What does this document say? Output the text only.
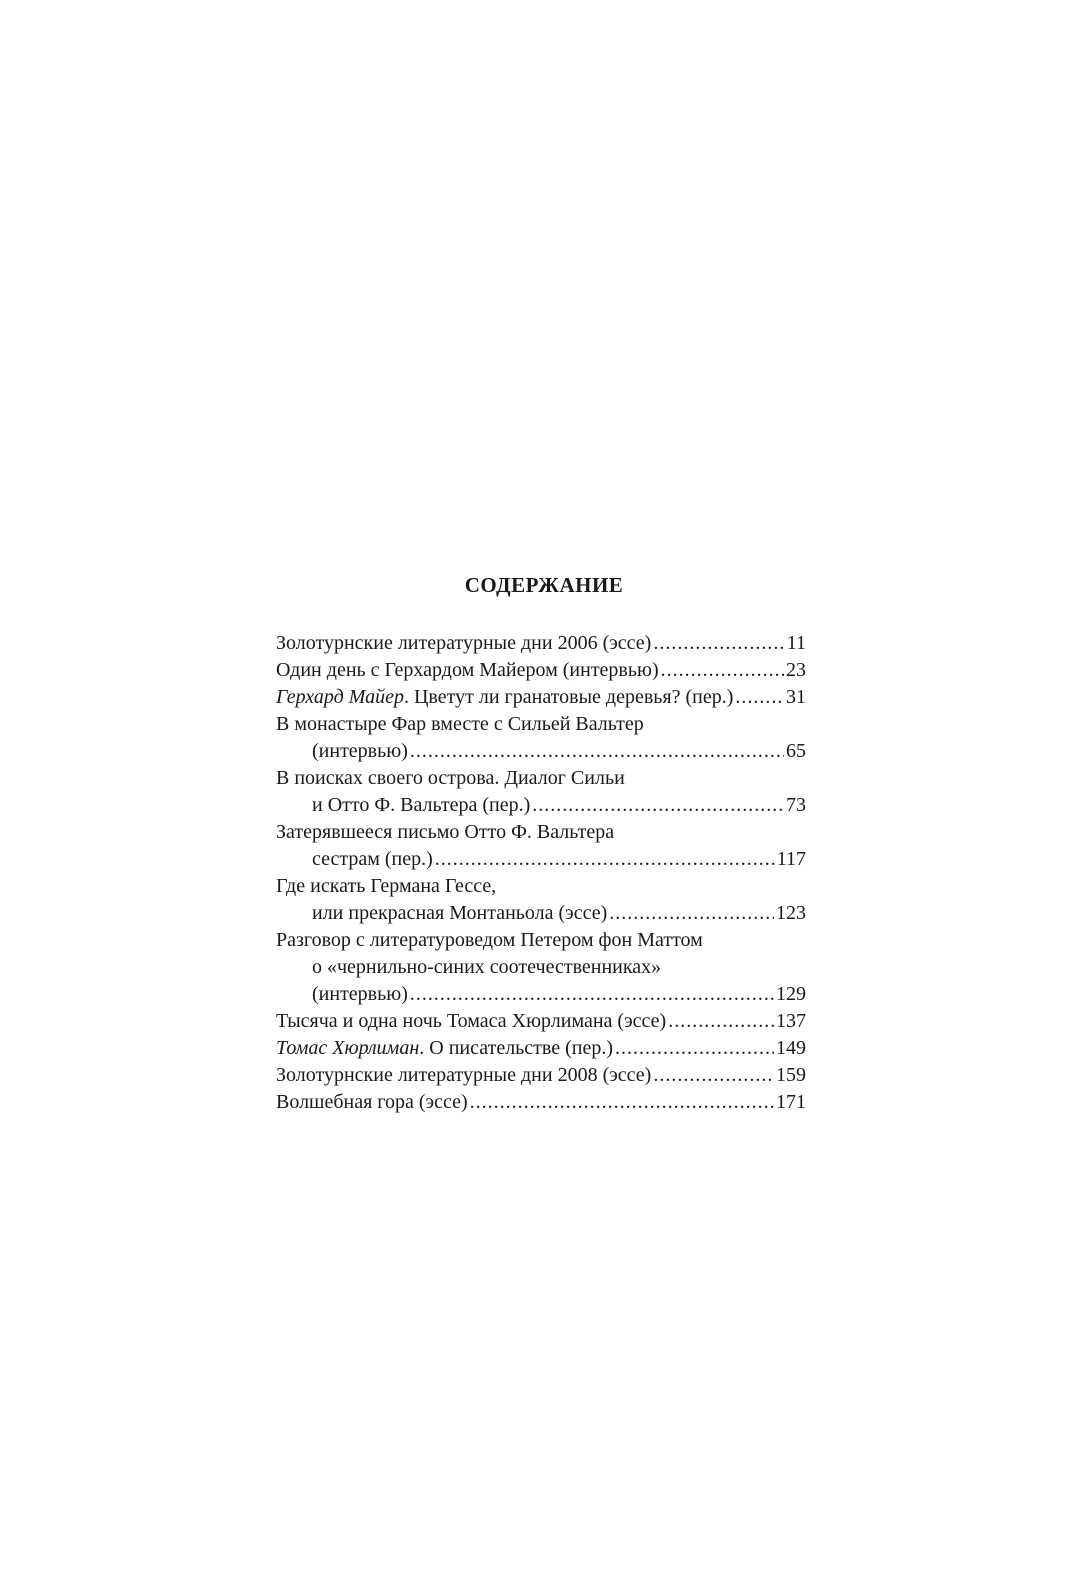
СОДЕРЖАНИЕ
Золотурнские литературные дни 2006 (эссе) .....	11
Один день с Герхардом Майером (интервью) .....	23
Герхард Майер. Цветут ли гранатовые деревья? (пер.) .....	31
В монастыре Фар вместе с Сильей Вальтер
(интервью) .....	65
В поисках своего острова. Диалог Сильи
и Отто Ф. Вальтера (пер.) .....	73
Затерявшееся письмо Отто Ф. Вальтера
сестрам (пер.) .....	117
Где искать Германа Гессе,
или прекрасная Монтаньола (эссе) .....	123
Разговор с литературоведом Петером фон Маттом
о «чернильно-синих соотечественниках»
(интервью) .....	129
Тысяча и одна ночь Томаса Хюрлимана (эссе) .....	137
Томас Хюрлиман. О писательстве (пер.) .....	149
Золотурнские литературные дни 2008 (эссе) .....	159
Волшебная гора (эссе) .....	171
